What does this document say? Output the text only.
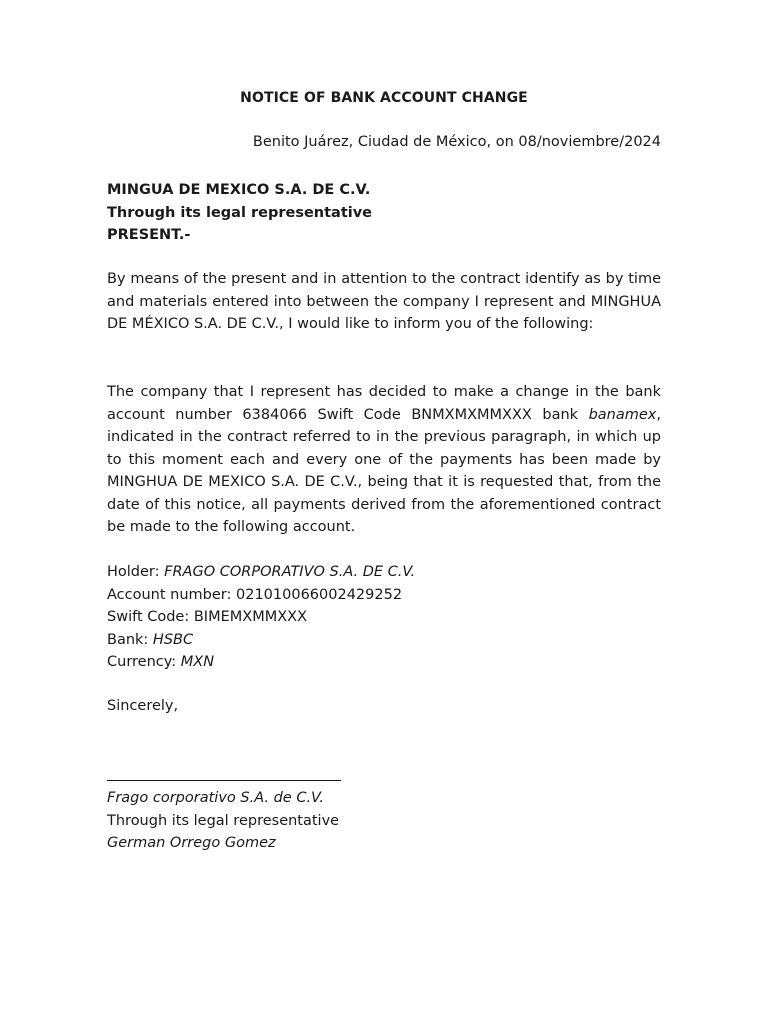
NOTICE OF BANK ACCOUNT CHANGE
Benito Juárez, Ciudad de México, on 08/noviembre/2024
MINGUA DE MEXICO S.A. DE C.V.
Through its legal representative
PRESENT.-
By means of the present and in attention to the contract identify as by time and materials entered into between the company I represent and MINGHUA DE MÉXICO S.A. DE C.V., I would like to inform you of the following:
The company that I represent has decided to make a change in the bank account number 6384066 Swift Code BNMXMXMMXXX bank banamex, indicated in the contract referred to in the previous paragraph, in which up to this moment each and every one of the payments has been made by MINGHUA DE MEXICO S.A. DE C.V., being that it is requested that, from the date of this notice, all payments derived from the aforementioned contract be made to the following account.
Holder: FRAGO CORPORATIVO S.A. DE C.V.
Account number: 021010066002429252
Swift Code: BIMEMXMMXXX
Bank: HSBC
Currency: MXN
Sincerely,
Frago corporativo S.A. de C.V.
Through its legal representative
German Orrego Gomez
